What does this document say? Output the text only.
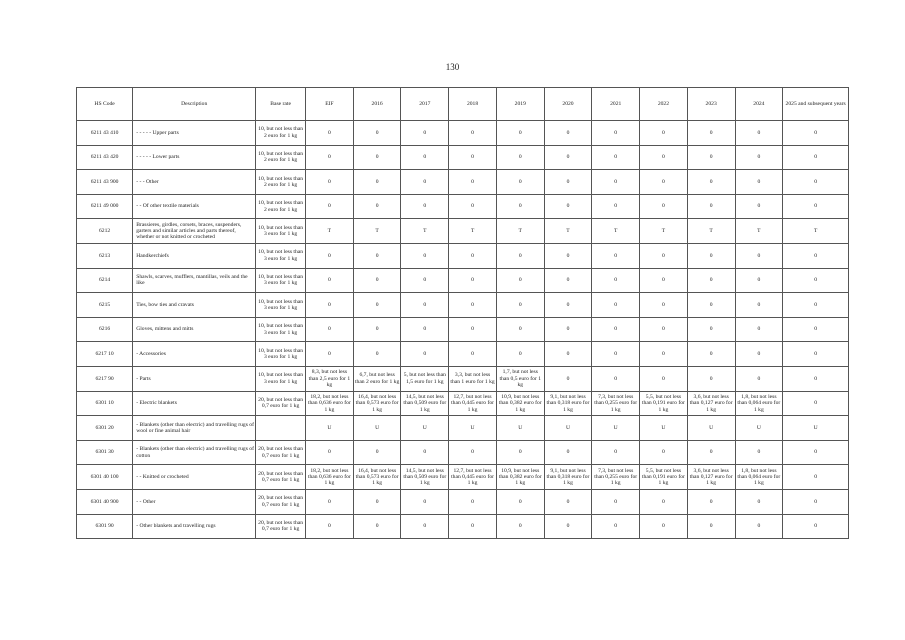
130
HS Code	Description	Base rate	EIF	2016	2017	2018	2019	2020	2021	2022	2023	2024	2025 and subsequent years
6211 43 410	- - - - - Upper parts	10, but not less than 2 euro for 1 kg	0	0	0	0	0	0	0	0	0	0	0
6211 43 420	- - - - - Lower parts	10, but not less than 2 euro for 1 kg	0	0	0	0	0	0	0	0	0	0	0
6211 43 900	- - - Other	10, but not less than 2 euro for 1 kg	0	0	0	0	0	0	0	0	0	0	0
6211 49 000	- - Of other textile materials	10, but not less than 2 euro for 1 kg	0	0	0	0	0	0	0	0	0	0	0
6212	Brassieres, girdles, corsets, braces, suspenders, garters and similar articles and parts thereof, whether or not knitted or crocheted	10, but not less than 3 euro for 1 kg	T	T	T	T	T	T	T	T	T	T	T
6213	Handkerchiefs	10, but not less than 3 euro for 1 kg	0	0	0	0	0	0	0	0	0	0	0
6214	Shawls, scarves, mufflers, mantillas, veils and the like	10, but not less than 3 euro for 1 kg	0	0	0	0	0	0	0	0	0	0	0
6215	Ties, bow ties and cravats	10, but not less than 3 euro for 1 kg	0	0	0	0	0	0	0	0	0	0	0
6216	Gloves, mittens and mitts	10, but not less than 3 euro for 1 kg	0	0	0	0	0	0	0	0	0	0	0
6217 10	- Accessories	10, but not less than 3 euro for 1 kg	0	0	0	0	0	0	0	0	0	0	0
6217 90	- Parts	10, but not less than 3 euro for 1 kg	8,3, but not less than 2,5 euro for 1 kg	6,7, but not less than 2 euro for 1 kg	5, but not less than 1,5 euro for 1 kg	3,3, but not less than 1 euro for 1 kg	1,7, but not less than 0,5 euro for 1 kg	0	0	0	0	0	0
6301 10	- Electric blankets	20, but not less than 0,7 euro for 1 kg	18,2, but not less than 0,636 euro for 1 kg	16,4, but not less than 0,573 euro for 1 kg	14,5, but not less than 0,509 euro for 1 kg	12,7, but not less than 0,445 euro for 1 kg	10,9, but not less than 0,382 euro for 1 kg	9,1, but not less than 0,318 euro for 1 kg	7,3, but not less than 0,255 euro for 1 kg	5,5, but not less than 0,191 euro for 1 kg	3,6, but not less than 0,127 euro for 1 kg	1,8, but not less than 0,064 euro for 1 kg	0
6301 20	- Blankets (other than electric) and travelling rugs of wool or fine animal hair		U	U	U	U	U	U	U	U	U	U	U
6301 30	- Blankets (other than electric) and travelling rugs of cotton	20, but not less than 0,7 euro for 1 kg	0	0	0	0	0	0	0	0	0	0	0
6301 40 100	- - Knitted or crocheted	20, but not less than 0,7 euro for 1 kg	18,2, but not less than 0,636 euro for 1 kg	16,4, but not less than 0,573 euro for 1 kg	14,5, but not less than 0,509 euro for 1 kg	12,7, but not less than 0,445 euro for 1 kg	10,9, but not less than 0,382 euro for 1 kg	9,1, but not less than 0,318 euro for 1 kg	7,3, but not less than 0,255 euro for 1 kg	5,5, but not less than 0,191 euro for 1 kg	3,6, but not less than 0,127 euro for 1 kg	1,8, but not less than 0,064 euro for 1 kg	0
6301 40 900	- - Other	20, but not less than 0,7 euro for 1 kg	0	0	0	0	0	0	0	0	0	0	0
6301 90	- Other blankets and travelling rugs	20, but not less than 0,7 euro for 1 kg	0	0	0	0	0	0	0	0	0	0	0
